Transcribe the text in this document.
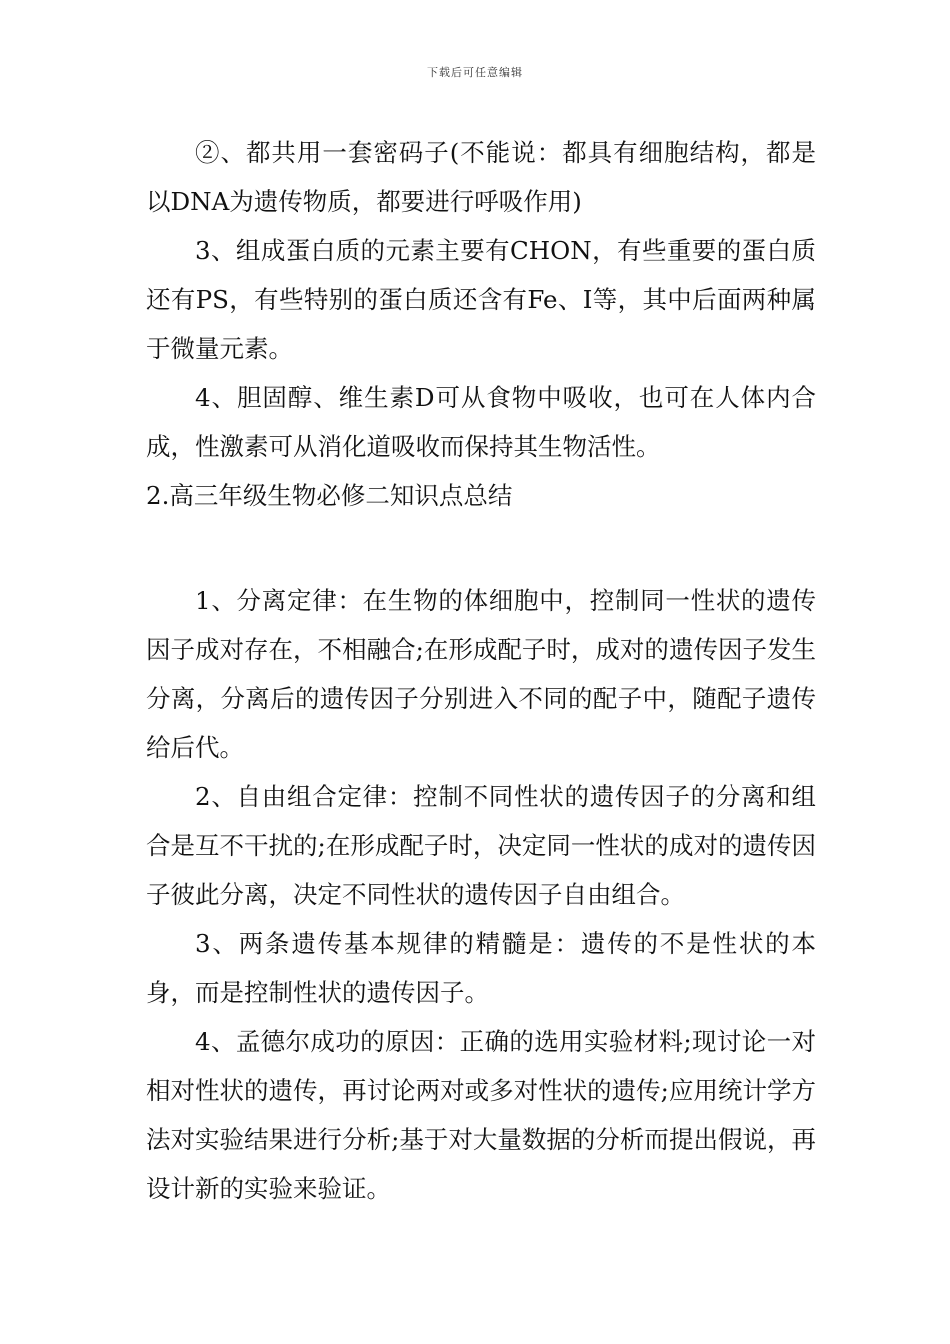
下载后可任意编辑

②、都共用一套密码子(不能说：都具有细胞结构，都是以DNA为遗传物质，都要进行呼吸作用)

3、组成蛋白质的元素主要有CHON，有些重要的蛋白质还有PS，有些特别的蛋白质还含有Fe、I等，其中后面两种属于微量元素。

4、胆固醇、维生素D可从食物中吸收，也可在人体内合成，性激素可从消化道吸收而保持其生物活性。

2.高三年级生物必修二知识点总结

1、分离定律：在生物的体细胞中，控制同一性状的遗传因子成对存在，不相融合;在形成配子时，成对的遗传因子发生分离，分离后的遗传因子分别进入不同的配子中，随配子遗传给后代。

2、自由组合定律：控制不同性状的遗传因子的分离和组合是互不干扰的;在形成配子时，决定同一性状的成对的遗传因子彼此分离，决定不同性状的遗传因子自由组合。

3、两条遗传基本规律的精髓是：遗传的不是性状的本身，而是控制性状的遗传因子。

4、孟德尔成功的原因：正确的选用实验材料;现讨论一对相对性状的遗传，再讨论两对或多对性状的遗传;应用统计学方法对实验结果进行分析;基于对大量数据的分析而提出假说，再设计新的实验来验证。
